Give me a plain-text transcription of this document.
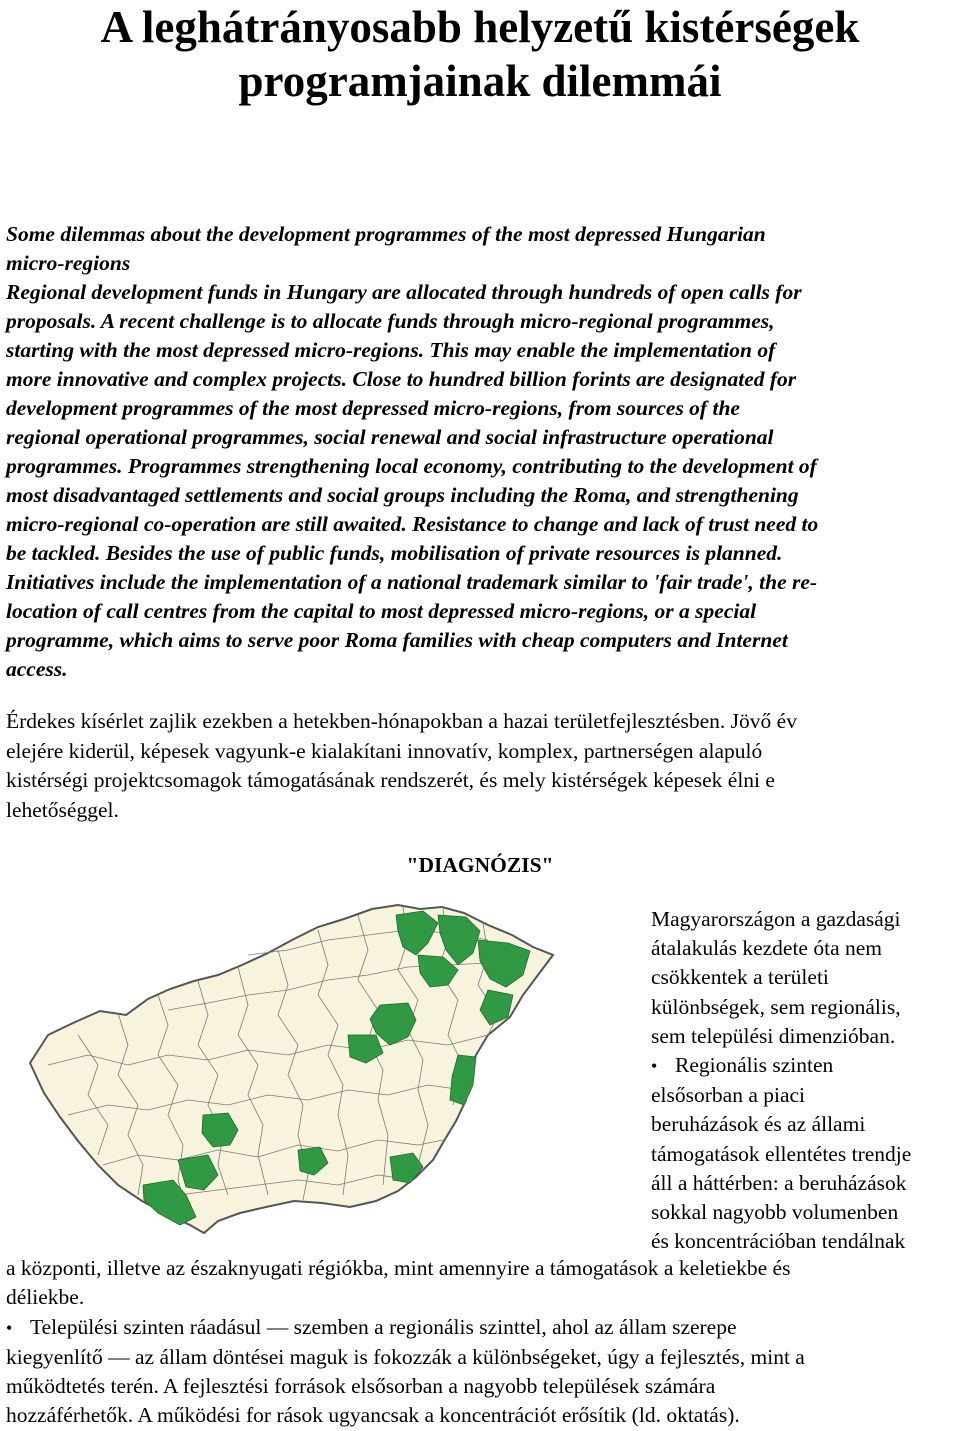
A leghátrányosabb helyzetű kistérségek
programjainak dilemmái

Some dilemmas about the development programmes of the most depressed Hungarian
micro-regions
Regional development funds in Hungary are allocated through hundreds of open calls for
proposals. A recent challenge is to allocate funds through micro-regional programmes,
starting with the most depressed micro-regions. This may enable the implementation of
more innovative and complex projects. Close to hundred billion forints are designated for
development programmes of the most depressed micro-regions, from sources of the
regional operational programmes, social renewal and social infrastructure operational
programmes. Programmes strengthening local economy, contributing to the development of
most disadvantaged settlements and social groups including the Roma, and strengthening
micro-regional co-operation are still awaited. Resistance to change and lack of trust need to
be tackled. Besides the use of public funds, mobilisation of private resources is planned.
Initiatives include the implementation of a national trademark similar to 'fair trade', the re-
location of call centres from the capital to most depressed micro-regions, or a special
programme, which aims to serve poor Roma families with cheap computers and Internet
access.

Érdekes kísérlet zajlik ezekben a hetekben-hónapokban a hazai területfejlesztésben. Jövő év
elejére kiderül, képesek vagyunk-e kialakítani innovatív, komplex, partnerségen alapuló
kistérségi projektcsomagok támogatásának rendszerét, és mely kistérségek képesek élni e
lehetőséggel.

"DIAGNÓZIS"
Magyarországon a gazdasági
átalakulás kezdete óta nem
csökkentek a területi
különbségek, sem regionális,
sem települési dimenzióban.
• Regionális szinten
elsősorban a piaci
beruházások és az állami
támogatások ellentétes trendje
áll a háttérben: a beruházások
sokkal nagyobb volumenben
és koncentrációban tendálnak
a központi, illetve az északnyugati régiókba, mint amennyire a támogatások a keletiekbe és
déliekbe.
• Települési szinten ráadásul — szemben a regionális szinttel, ahol az állam szerepe
kiegyenlítő — az állam döntései maguk is fokozzák a különbségeket, úgy a fejlesztés, mint a
működtetés terén. A fejlesztési források elsősorban a nagyobb települések számára
hozzáférhetők. A működési for rások ugyancsak a koncentrációt erősítik (ld. oktatás).
